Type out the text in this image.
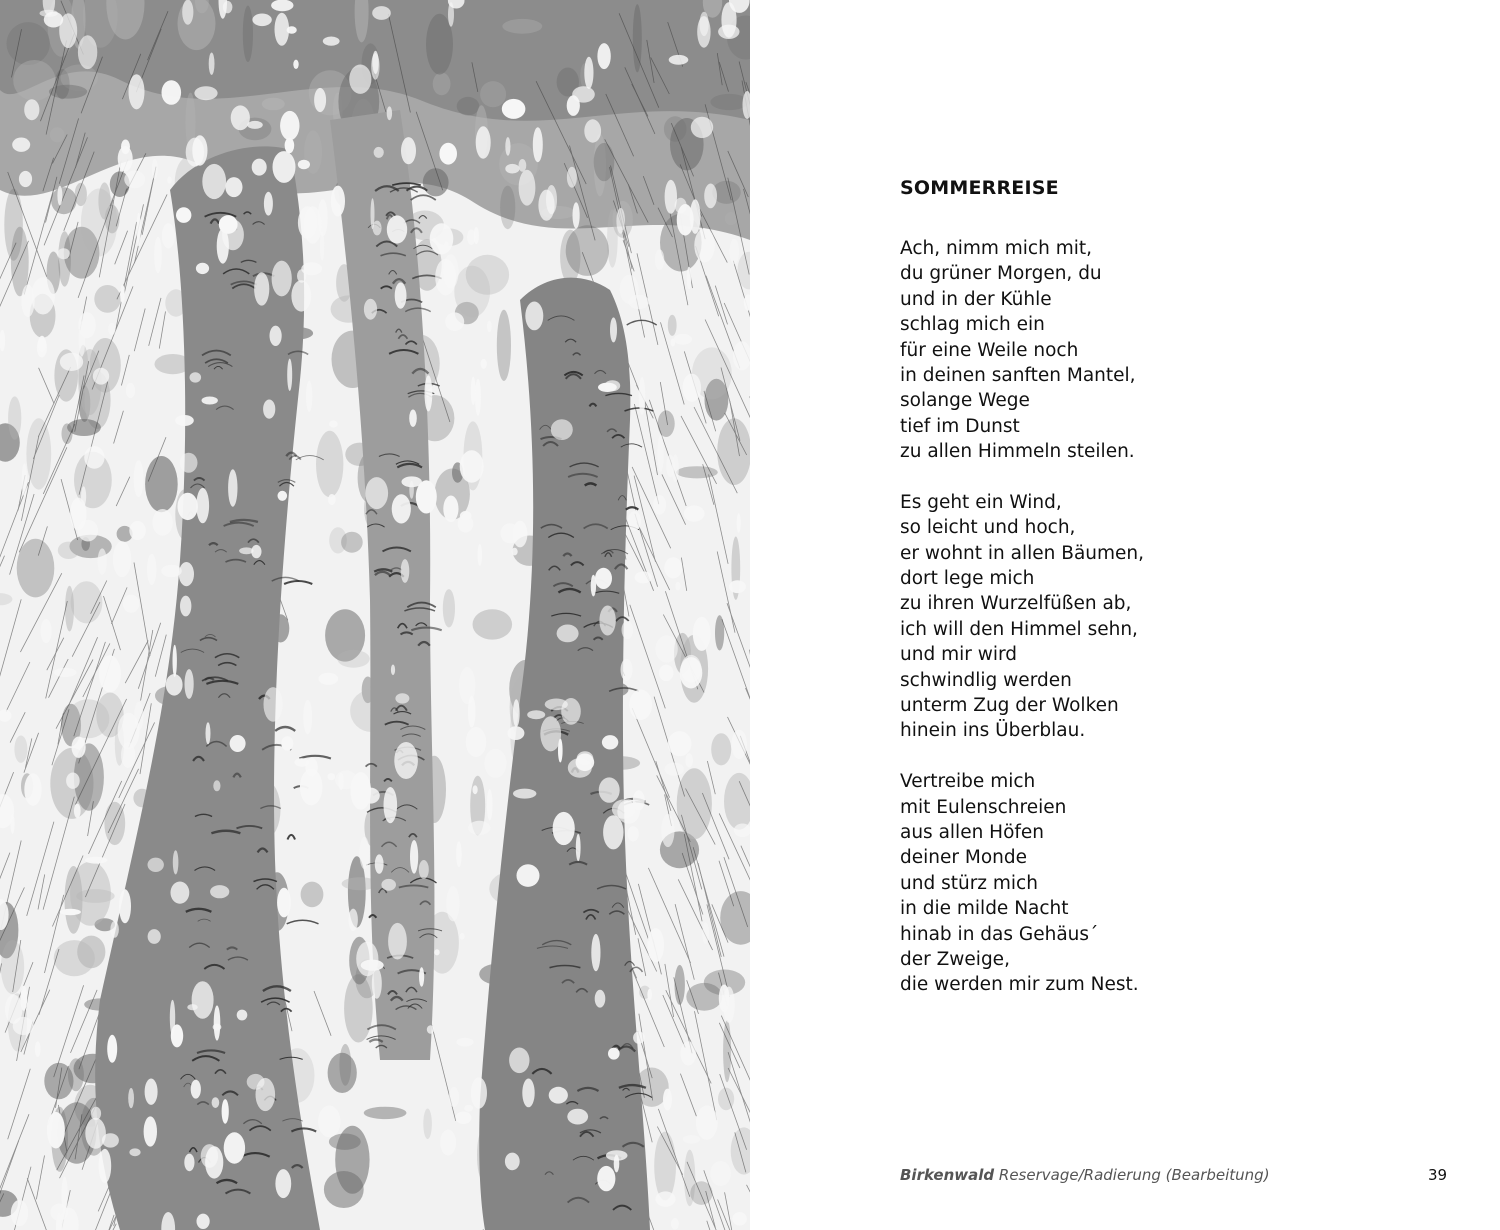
SOMMERREISE
Ach, nimm mich mit,
du grüner Morgen, du
und in der Kühle
schlag mich ein
für eine Weile noch
in deinen sanften Mantel,
solange Wege
tief im Dunst
zu allen Himmeln steilen.
Es geht ein Wind,
so leicht und hoch,
er wohnt in allen Bäumen,
dort lege mich
zu ihren Wurzelfüßen ab,
ich will den Himmel sehn,
und mir wird
schwindlig werden
unterm Zug der Wolken
hinein ins Überblau.
Vertreibe mich
mit Eulenschreien
aus allen Höfen
deiner Monde
und stürz mich
in die milde Nacht
hinab in das Gehäus´
der Zweige,
die werden mir zum Nest.
Birkenwald Reservage/Radierung (Bearbeitung)	39
